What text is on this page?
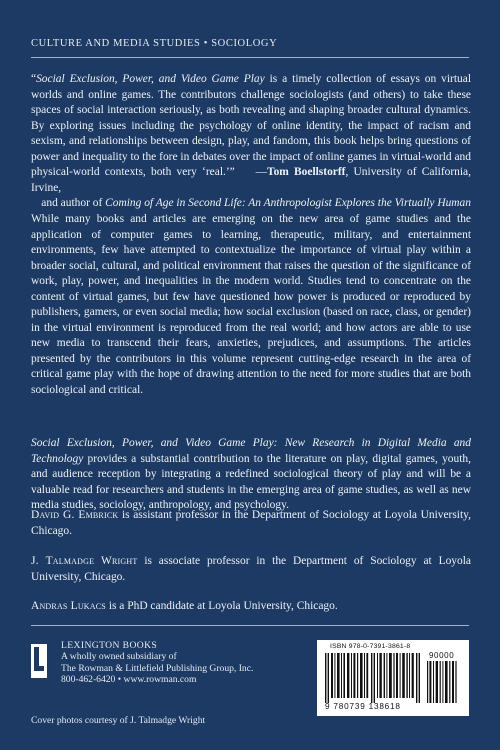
CULTURE AND MEDIA STUDIES • SOCIOLOGY

“Social Exclusion, Power, and Video Game Play is a timely collection of essays on virtual worlds and online games. The contributors challenge sociologists (and others) to take these spaces of social interaction seriously, as both revealing and shaping broader cultural dynamics. By exploring issues including the psychology of online identity, the impact of racism and sexism, and relationships between design, play, and fandom, this book helps bring questions of power and inequality to the fore in debates over the impact of online games in virtual-world and physical-world contexts, both very ‘real.’”    —Tom Boellstorff, University of California, Irvine,

and author of Coming of Age in Second Life: An Anthropologist Explores the Virtually Human

While many books and articles are emerging on the new area of game studies and the application of computer games to learning, therapeutic, military, and entertainment environments, few have attempted to contextualize the importance of virtual play within a broader social, cultural, and political environment that raises the question of the significance of work, play, power, and inequalities in the modern world. Studies tend to concentrate on the content of virtual games, but few have questioned how power is produced or reproduced by publishers, gamers, or even social media; how social exclusion (based on race, class, or gender) in the virtual environment is reproduced from the real world; and how actors are able to use new media to transcend their fears, anxieties, prejudices, and assumptions. The articles presented by the contributors in this volume represent cutting-edge research in the area of critical game play with the hope of drawing attention to the need for more studies that are both sociological and critical.

Social Exclusion, Power, and Video Game Play: New Research in Digital Media and Technology provides a substantial contribution to the literature on play, digital games, youth, and audience reception by integrating a redefined sociological theory of play and will be a valuable read for researchers and students in the emerging area of game studies, as well as new media studies, sociology, anthropology, and psychology.

David G. Embrick is assistant professor in the Department of Sociology at Loyola University, Chicago.

J. Talmadge Wright is associate professor in the Department of Sociology at Loyola University, Chicago.

Andras Lukacs is a PhD candidate at Loyola University, Chicago.

LEXINGTON BOOKS
A wholly owned subsidiary of
The Rowman & Littlefield Publishing Group, Inc.
800-462-6420 • www.rowman.com
Cover photos courtesy of J. Talmadge Wright
ISBN 978-0-7391-3861-8
90000
9 780739 138618
